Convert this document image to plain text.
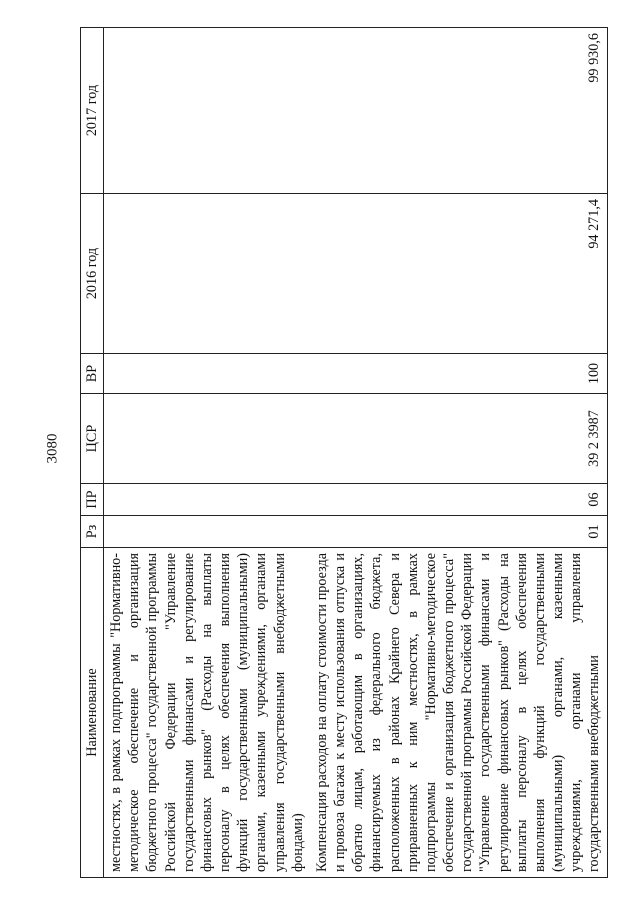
3080
Наименование	Рз	ПР	ЦСР	ВР	2016 год	2017 год
местностях, в рамках подпрограммы "Нормативно-методическое обеспечение и организация бюджетного процесса" государственной программы Российской Федерации "Управление государственными финансами и регулирование финансовых рынков" (Расходы на выплаты персоналу в целях обеспечения выполнения функций государственными (муниципальными) органами, казенными учреждениями, органами управления государственными внебюджетными фондами)						
Компенсация расходов на оплату стоимости проезда и провоза багажа к месту использования отпуска и обратно лицам, работающим в организациях, финансируемых из федерального бюджета, расположенных в районах Крайнего Севера и приравненных к ним местностях, в рамках подпрограммы "Нормативно-методическое обеспечение и организация бюджетного процесса" государственной программы Российской Федерации "Управление государственными финансами и регулирование финансовых рынков" (Расходы на выплаты персоналу в целях обеспечения выполнения функций государственными (муниципальными) органами, казенными учреждениями, органами управления государственными внебюджетными	01	06	39 2 3987	100	94 271,4	99 930,6
